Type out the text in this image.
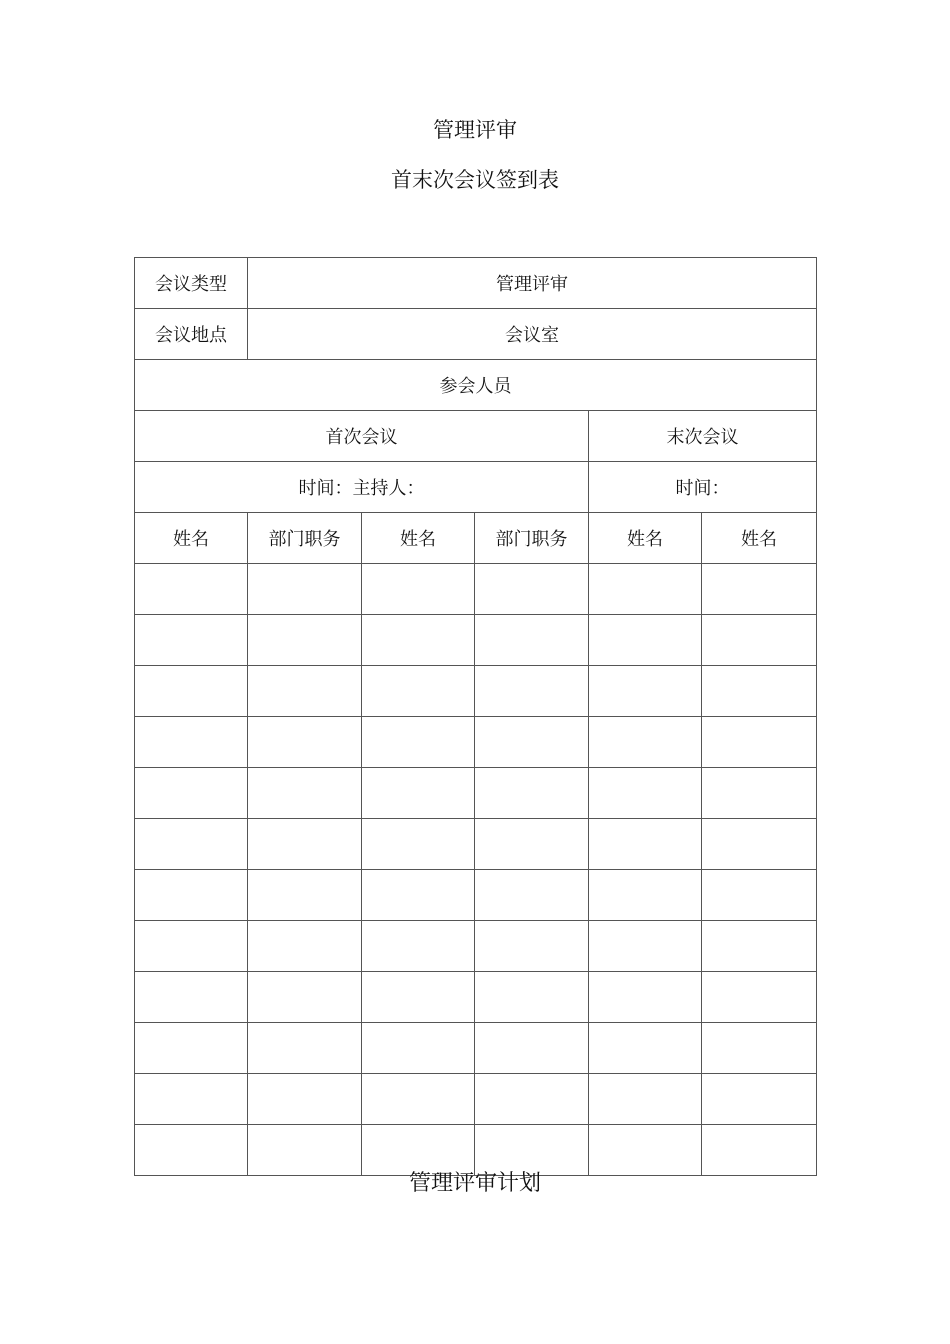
管理评审
首末次会议签到表
会议类型	管理评审				
会议地点	会议室				
参会人员					
首次会议				末次会议	
时间：主持人：				时间：	
姓名	部门职务	姓名	部门职务	姓名	姓名

管理评审计划
